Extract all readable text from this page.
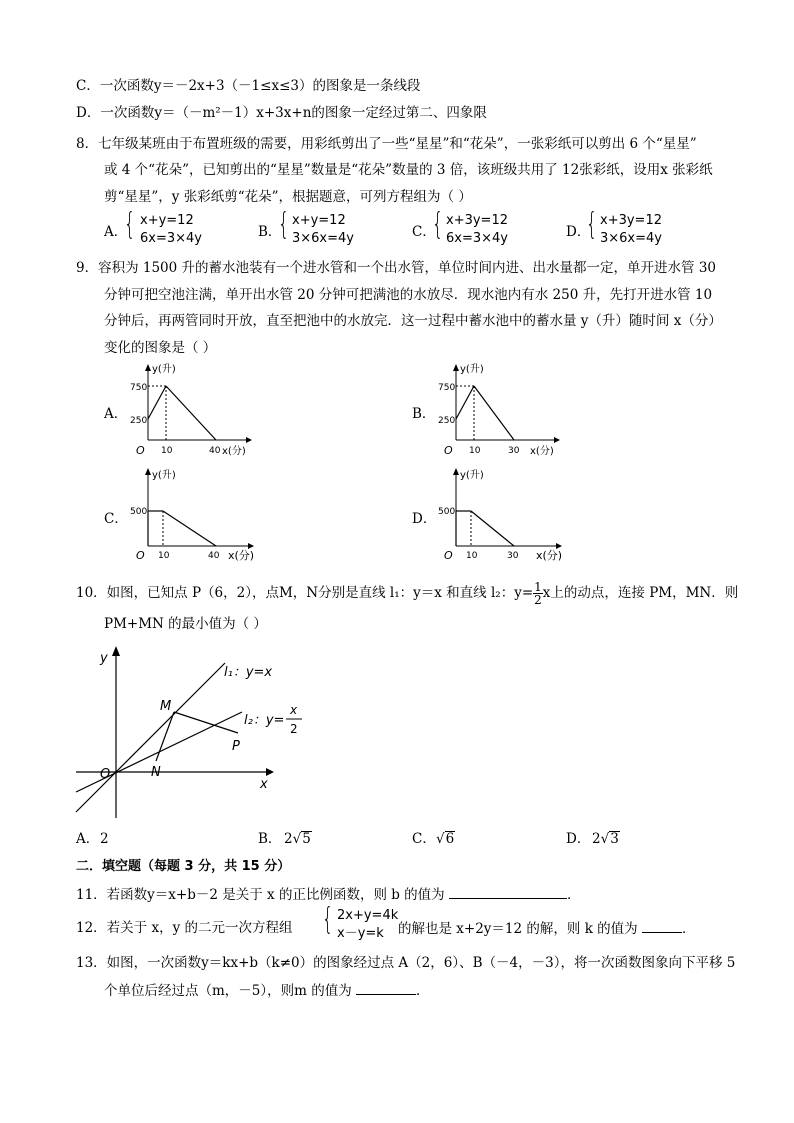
C．一次函数y＝－2x+3（－1≤x≤3）的图象是一条线段
D．一次函数y＝（－m²－1）x+3x+n的图象一定经过第二、四象限
8．七年级某班由于布置班级的需要，用彩纸剪出了一些“星星”和“花朵”，一张彩纸可以剪出 6 个“星星”
或 4 个“花朵”，已知剪出的“星星”数量是“花朵”数量的 3 倍，该班级共用了 12张彩纸，设用x 张彩纸
剪“星星”，y 张彩纸剪“花朵”，根据题意，可列方程组为（ ）
A．
{ x+y=12
6x=3×4y	B．
{ x+y=12
3×6x=4y	C．
{ x+3y=12
6x=3×4y	D．
{ x+3y=12
3×6x=4y
9．容积为 1500 升的蓄水池装有一个进水管和一个出水管，单位时间内进、出水量都一定，单开进水管 30
分钟可把空池注满，单开出水管 20 分钟可把满池的水放尽．现水池内有水 250 升，先打开进水管 10
分钟后，再两管同时开放，直至把池中的水放完．这一过程中蓄水池中的蓄水量 y（升）随时间 x（分）
变化的图象是（ ）
A．
y(升)
750
250
O 10	40 x(分)
B．
y(升)
750
250
O 10	30 x(分)
C．
y(升)
500
O 10	40 x(分)
D．
y(升)
500
O 10	30 x(分)
10．如图，已知点 P（6，2），点M，N分别是直线 l₁：y＝x 和直线 l₂：$y= \frac{1}{2}$ x上的动点，连接 PM，MN．则
PM+MN 的最小值为（ ）
y
x
O
M
N
P
l₁：y=x
l₂：y=
x
2
A． 2	B． 2√5	C． √6	D． 2√3
二．填空题（每题 3 分，共 15 分）
11．若函数y＝x+b－2 是关于 x 的正比例函数，则 b 的值为	．
12．若关于 x，y 的二元一次方程组 { 2x+y=4k
x－y=k	的解也是 x+2y＝12 的解，则 k 的值为	．
13．如图，一次函数y＝kx+b（k≠0）的图象经过点 A（2，6）、B（－4，－3），将一次函数图象向下平移 5
个单位后经过点（m，－5），则m 的值为	．
